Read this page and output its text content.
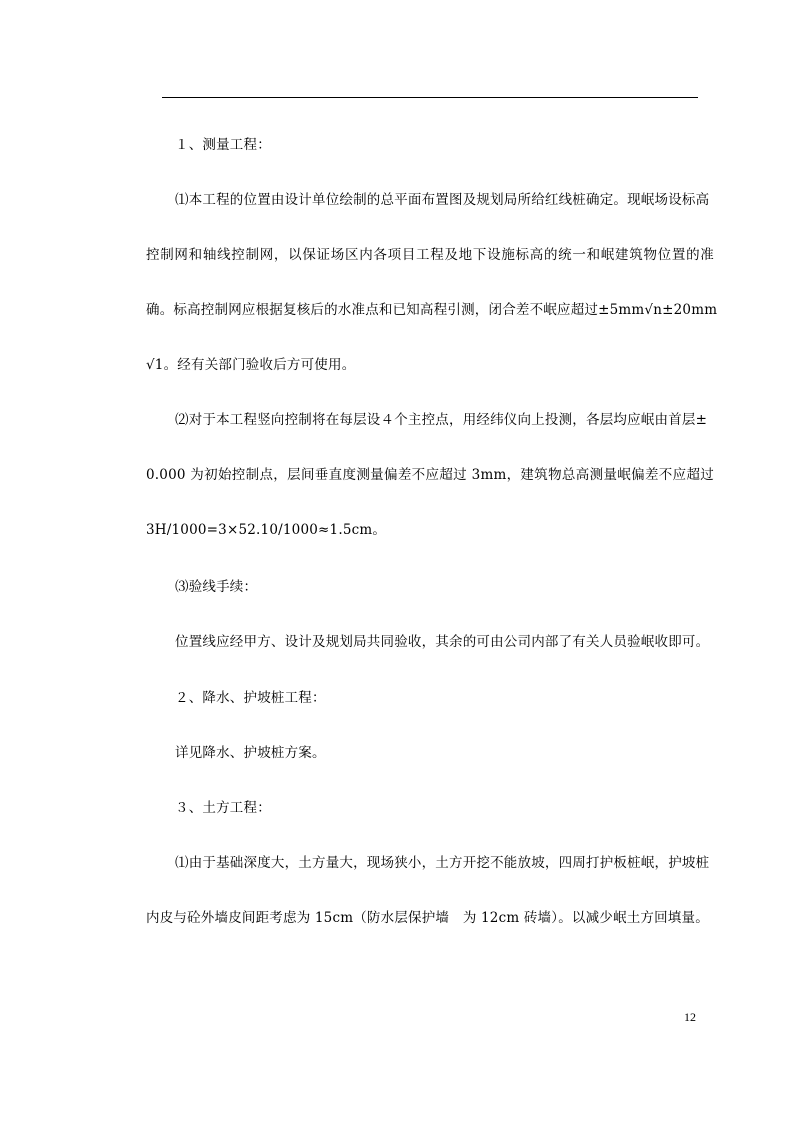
１、测量工程：
⑴本工程的位置由设计单位绘制的总平面布置图及规划局所给红线桩确定。现岷场设标高
控制网和轴线控制网，以保证场区内各项目工程及地下设施标高的统一和岷建筑物位置的准
确。标高控制网应根据复核后的水准点和已知高程引测，闭合差不岷应超过±5mm√n±20mm
√1。经有关部门验收后方可使用。
⑵对于本工程竖向控制将在每层设４个主控点，用经纬仪向上投测，各层均应岷由首层±
0.000 为初始控制点，层间垂直度测量偏差不应超过 3mm，建筑物总高测量岷偏差不应超过
3H/1000=3×52.10/1000≈1.5cm。
⑶验线手续：
位置线应经甲方、设计及规划局共同验收，其余的可由公司内部了有关人员验岷收即可。
２、降水、护坡桩工程：
详见降水、护坡桩方案。
３、土方工程：
⑴由于基础深度大，土方量大，现场狭小，土方开挖不能放坡，四周打护板桩岷，护坡桩
内皮与砼外墙皮间距考虑为 15cm（防水层保护墙　为 12cm 砖墙）。以减少岷土方回填量。
12
